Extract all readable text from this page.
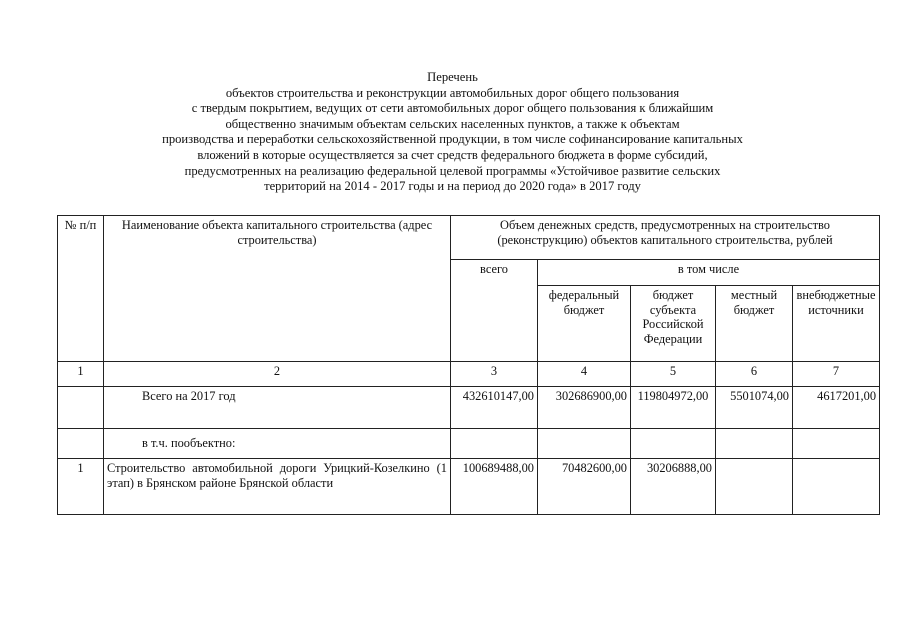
Перечень
объектов строительства и реконструкции автомобильных дорог общего пользования
с твердым покрытием, ведущих от сети автомобильных дорог общего пользования к ближайшим
общественно значимым объектам сельских населенных пунктов, а также к объектам
производства и переработки сельскохозяйственной продукции, в том числе софинансирование капитальных
вложений в которые осуществляется за счет средств федерального бюджета в форме субсидий,
предусмотренных на реализацию федеральной целевой программы «Устойчивое развитие сельских
территорий на 2014 - 2017 годы и на период до 2020 года» в 2017 году
№ п/п	Наименование объекта капитального строительства (адрес строительства)	Объем денежных средств, предусмотренных на строительство (реконструкцию) объектов капитального строительства, рублей				
		всего	в том числе			
			федеральный бюджет	бюджет субъекта Российской Федерации	местный бюджет	внебюджетные источники
1	2	3	4	5	6	7
	Всего на 2017 год	432610147,00	302686900,00	119804972,00	5501074,00	4617201,00
	в т.ч. пообъектно:					
1	Строительство автомобильной дороги Урицкий-Козелкино (1 этап) в Брянском районе Брянской области	100689488,00	70482600,00	30206888,00		
